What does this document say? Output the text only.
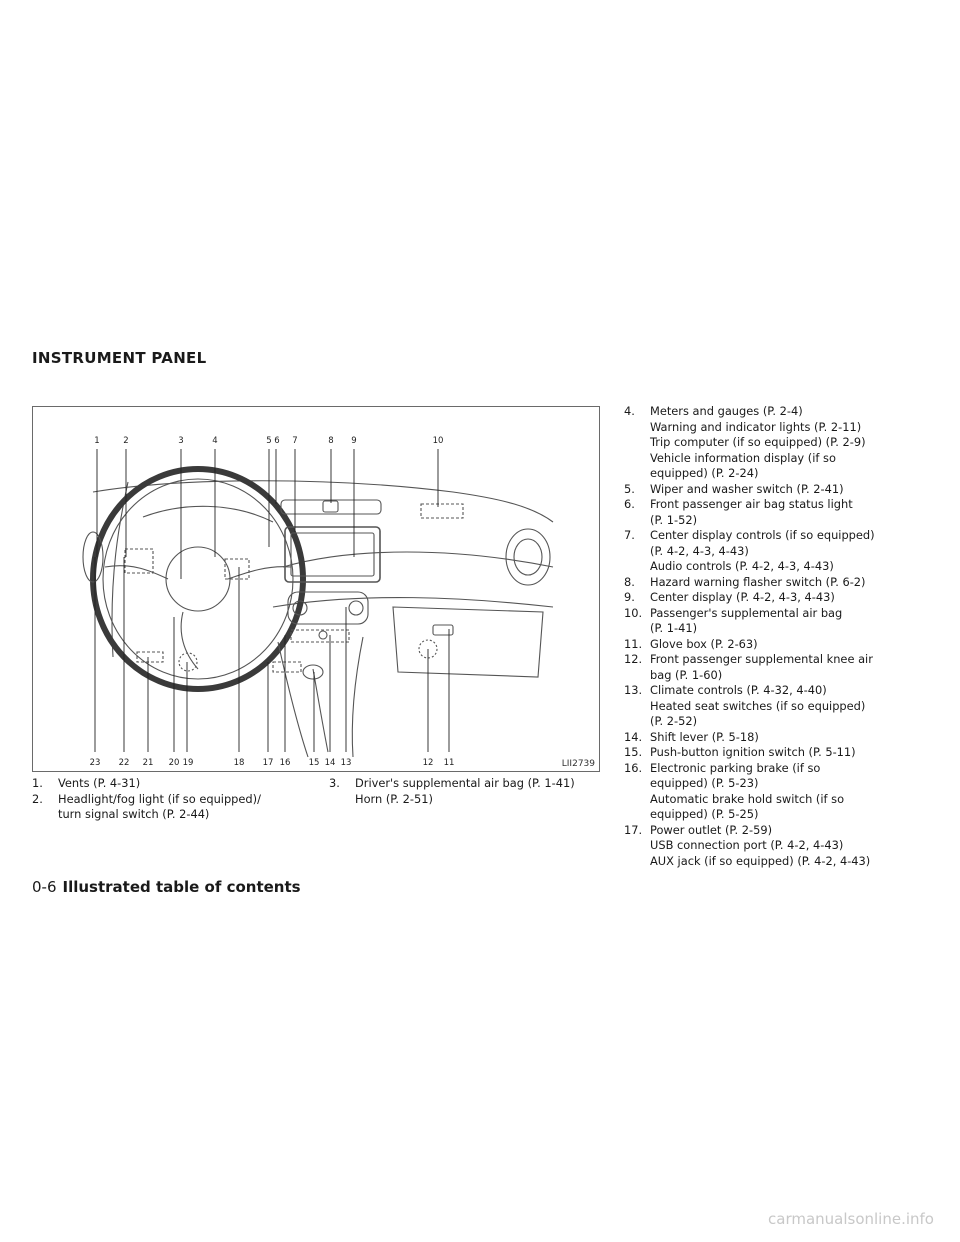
INSTRUMENT PANEL
1	2	3	4	5 6 7	8 9	10
23 22 21 20 19	18 17 16 15 14 13	12 11	LII2739
1.	Vents (P. 4-31)
2.	Headlight/fog light (if so equipped)/
turn signal switch (P. 2-44)
3.	Driver's supplemental air bag (P. 1-41)
Horn (P. 2-51)
4.	Meters and gauges (P. 2-4)
Warning and indicator lights (P. 2-11)
Trip computer (if so equipped) (P. 2-9)
Vehicle information display (if so
equipped) (P. 2-24)
5.	Wiper and washer switch (P. 2-41)
6.	Front passenger air bag status light
(P. 1-52)
7.	Center display controls (if so equipped)
(P. 4-2, 4-3, 4-43)
Audio controls (P. 4-2, 4-3, 4-43)
8.	Hazard warning flasher switch (P. 6-2)
9.	Center display (P. 4-2, 4-3, 4-43)
10. Passenger's supplemental air bag
(P. 1-41)
11. Glove box (P. 2-63)
12. Front passenger supplemental knee air
bag (P. 1-60)
13. Climate controls (P. 4-32, 4-40)
Heated seat switches (if so equipped)
(P. 2-52)
14. Shift lever (P. 5-18)
15. Push-button ignition switch (P. 5-11)
16. Electronic parking brake (if so
equipped) (P. 5-23)
Automatic brake hold switch (if so
equipped) (P. 5-25)
17. Power outlet (P. 2-59)
USB connection port (P. 4-2, 4-43)
AUX jack (if so equipped) (P. 4-2, 4-43)
0-6 Illustrated table of contents
carmanualsonline.info
